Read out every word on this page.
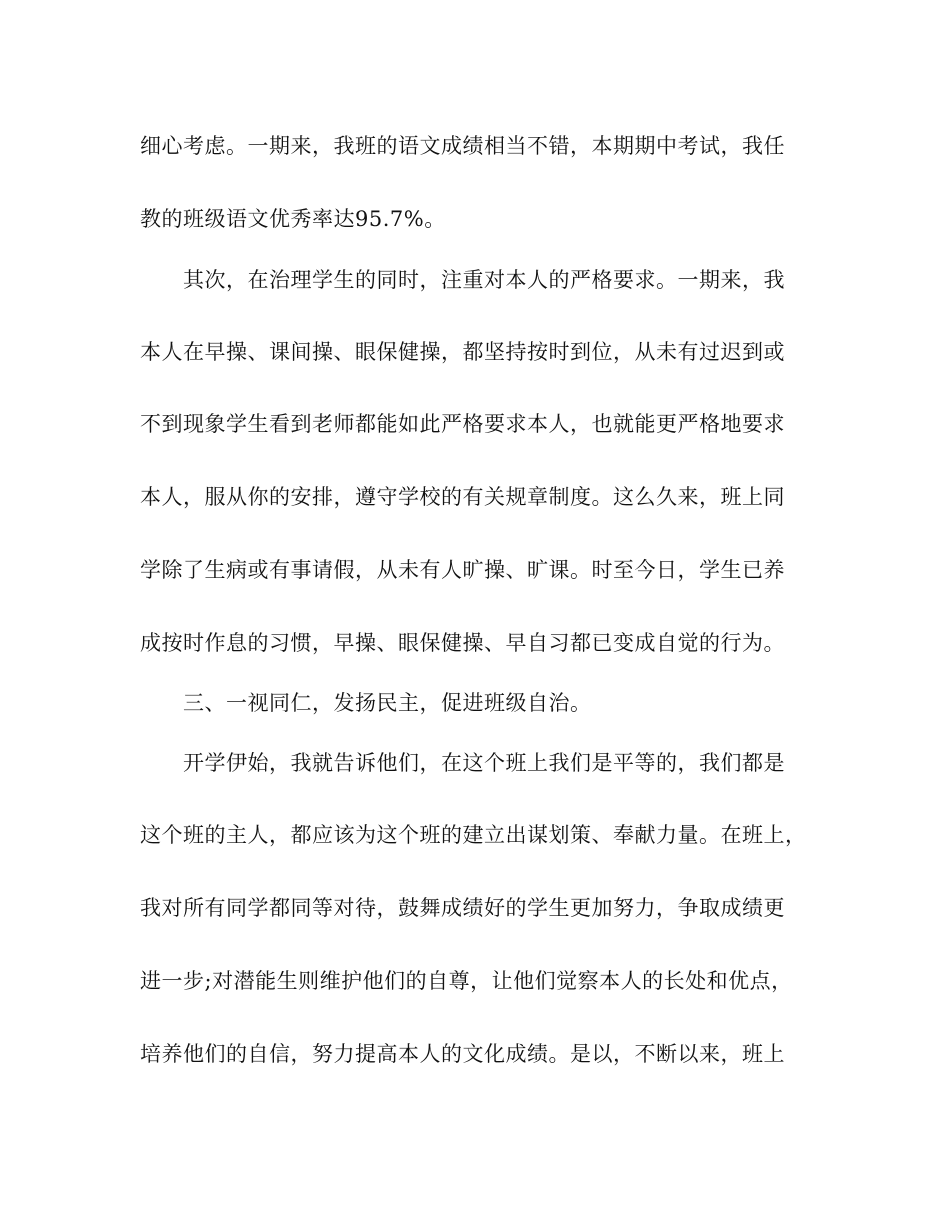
细心考虑。一期来，我班的语文成绩相当不错，本期期中考试，我任
教的班级语文优秀率达95.7%。
其次，在治理学生的同时，注重对本人的严格要求。一期来，我
本人在早操、课间操、眼保健操，都坚持按时到位，从未有过迟到或
不到现象学生看到老师都能如此严格要求本人，也就能更严格地要求
本人，服从你的安排，遵守学校的有关规章制度。这么久来，班上同
学除了生病或有事请假，从未有人旷操、旷课。时至今日，学生已养
成按时作息的习惯，早操、眼保健操、早自习都已变成自觉的行为。
三、一视同仁，发扬民主，促进班级自治。
开学伊始，我就告诉他们，在这个班上我们是平等的，我们都是
这个班的主人，都应该为这个班的建立出谋划策、奉献力量。在班上，
我对所有同学都同等对待，鼓舞成绩好的学生更加努力，争取成绩更
进一步;对潜能生则维护他们的自尊，让他们觉察本人的长处和优点，
培养他们的自信，努力提高本人的文化成绩。是以，不断以来，班上
